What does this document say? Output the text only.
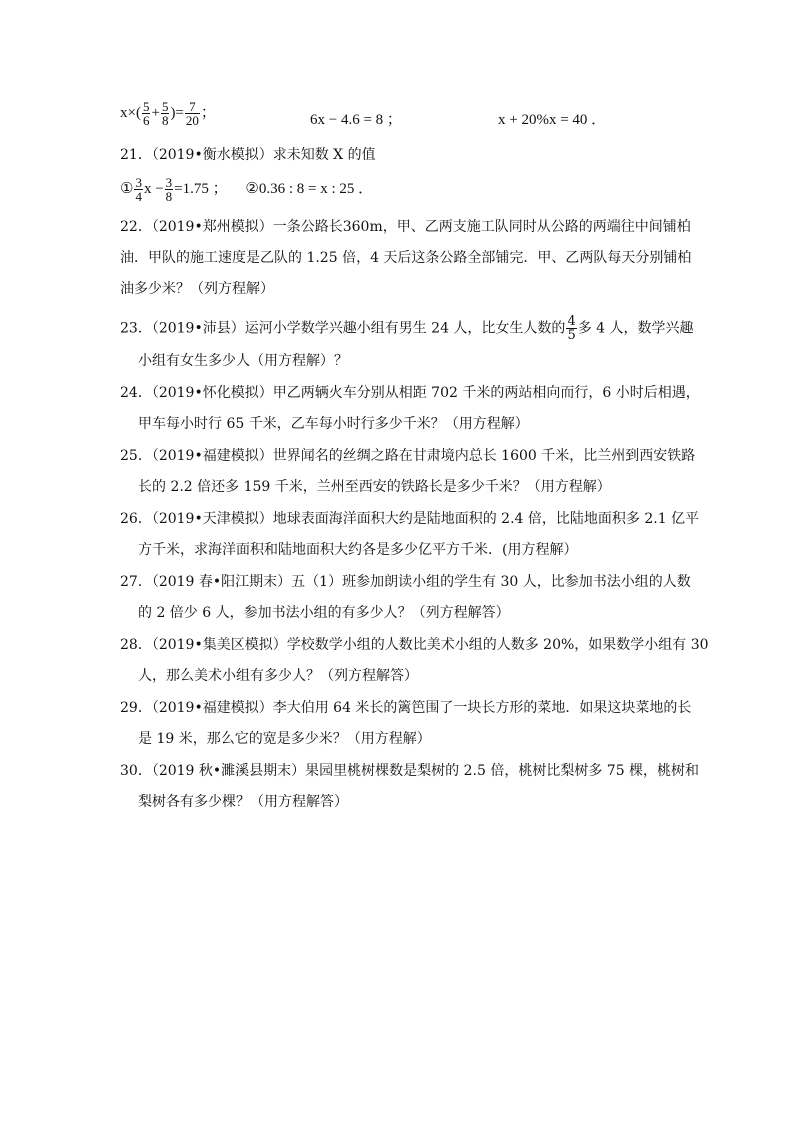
$x\times( \frac{5}{6} + \frac{5}{8}$ )= $\frac{7}{20}$ ；	6x − 4.6 = 8 ；	x + 20%x = 40 ．
21．（2019•衡水模拟）求未知数 X 的值
① $\frac{3}{4}$ $x - \frac{3}{8} =1.75$ ； ②0.36 : 8 = x : 25 ．
22．（2019•郑州模拟）一条公路长360m，甲、乙两支施工队同时从公路的两端往中间铺柏
油．甲队的施工速度是乙队的 1.25 倍，4 天后这条公路全部铺完．甲、乙两队每天分别铺柏
油多少米？（列方程解）
23．（2019•沛县）运河小学数学兴趣小组有男生 24 人，比女生人数的 $\frac{4}{5}$ 多 4 人，数学兴趣
小组有女生多少人（用方程解）？
24．（2019•怀化模拟）甲乙两辆火车分别从相距 702 千米的两站相向而行，6 小时后相遇，
甲车每小时行 65 千米，乙车每小时行多少千米？（用方程解）
25．（2019•福建模拟）世界闻名的丝绸之路在甘肃境内总长 1600 千米，比兰州到西安铁路
长的 2.2 倍还多 159 千米，兰州至西安的铁路长是多少千米？（用方程解）
26．（2019•天津模拟）地球表面海洋面积大约是陆地面积的 2.4 倍，比陆地面积多 2.1 亿平
方千米，求海洋面积和陆地面积大约各是多少亿平方千米．(用方程解）
27．（2019 春•阳江期末）五（1）班参加朗读小组的学生有 30 人，比参加书法小组的人数
的 2 倍少 6 人，参加书法小组的有多少人？（列方程解答）
28．（2019•集美区模拟）学校数学小组的人数比美术小组的人数多 20%，如果数学小组有 30
人，那么美术小组有多少人？（列方程解答）
29．（2019•福建模拟）李大伯用 64 米长的篱笆围了一块长方形的菜地．如果这块菜地的长
是 19 米，那么它的宽是多少米？（用方程解）
30．（2019 秋•濉溪县期末）果园里桃树棵数是梨树的 2.5 倍，桃树比梨树多 75 棵，桃树和
梨树各有多少棵？（用方程解答）
